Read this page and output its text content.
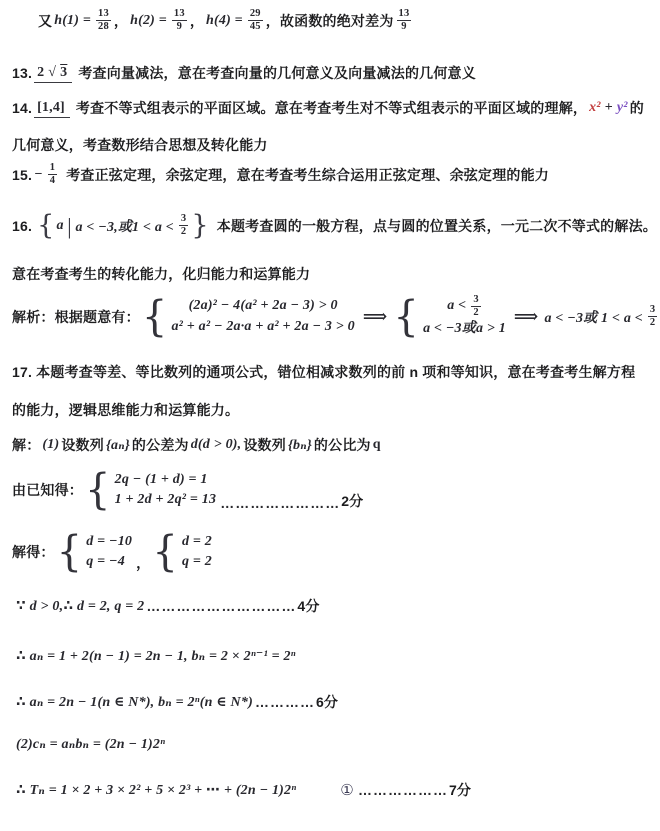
又 $h(1) = \frac{13}{28}$ ， $h(2) = \frac{13}{9}$ ， $h(4) = \frac{29}{45}$ ，故函数的绝对差为 $\frac{13}{9}$
13. 2 √ 3 考查向量减法，意在考查向量的几何意义及向量减法的几何意义
14. [1,4] 考查不等式组表示的平面区域。意在考查考生对不等式组表示的平面区域的理解， x² + y² 的
几何意义，考查数形结合思想及转化能力
15. − $\frac{1}{4}$ 考查正弦定理，余弦定理，意在考查考生综合运用正弦定理、余弦定理的能力
16. { a | a < −3,或$1 < a < \frac{3}{2}$ } 本题考查圆的一般方程，点与圆的位置关系，一元二次不等式的解法。
意在考查考生的转化能力，化归能力和运算能力
解析：根据题意有： { (2a)² − 4(a² + 2a − 3) > 0
a² + a² − 2a·a + a² + 2a − 3 > 0
⟹ { $a < \frac{3}{2}$
a < −3或a > 1
⟹ a < −3或 $1 < a < \frac{3}{2}$
17. 本题考查等差、等比数列的通项公式，错位相减求数列的前 n 项和等知识，意在考查考生解方程
的能力，逻辑思维能力和运算能力。
解： (1) 设数列 {aₙ} 的公差为 d(d > 0), 设数列 {bₙ} 的公比为 q
由已知得： { 2q − (1 + d) = 1
1 + 2d + 2q² = 13 …………………… 2分
解得： { d = −10
q = −4 ， { d = 2
q = 2
∵ d > 0,∴ d = 2, q = 2 ………………………… 4分
∴ aₙ = 1 + 2(n − 1) = 2n − 1, bₙ = 2 × 2ⁿ⁻¹ = 2ⁿ
∴ aₙ = 2n − 1(n ∈ N*), bₙ = 2ⁿ(n ∈ N*) ………… 6分
(2)cₙ = aₙbₙ = (2n − 1)2ⁿ
∴ Tₙ = 1 × 2 + 3 × 2² + 5 × 2³ + ⋯ + (2n − 1)2ⁿ	① ……………… 7分
